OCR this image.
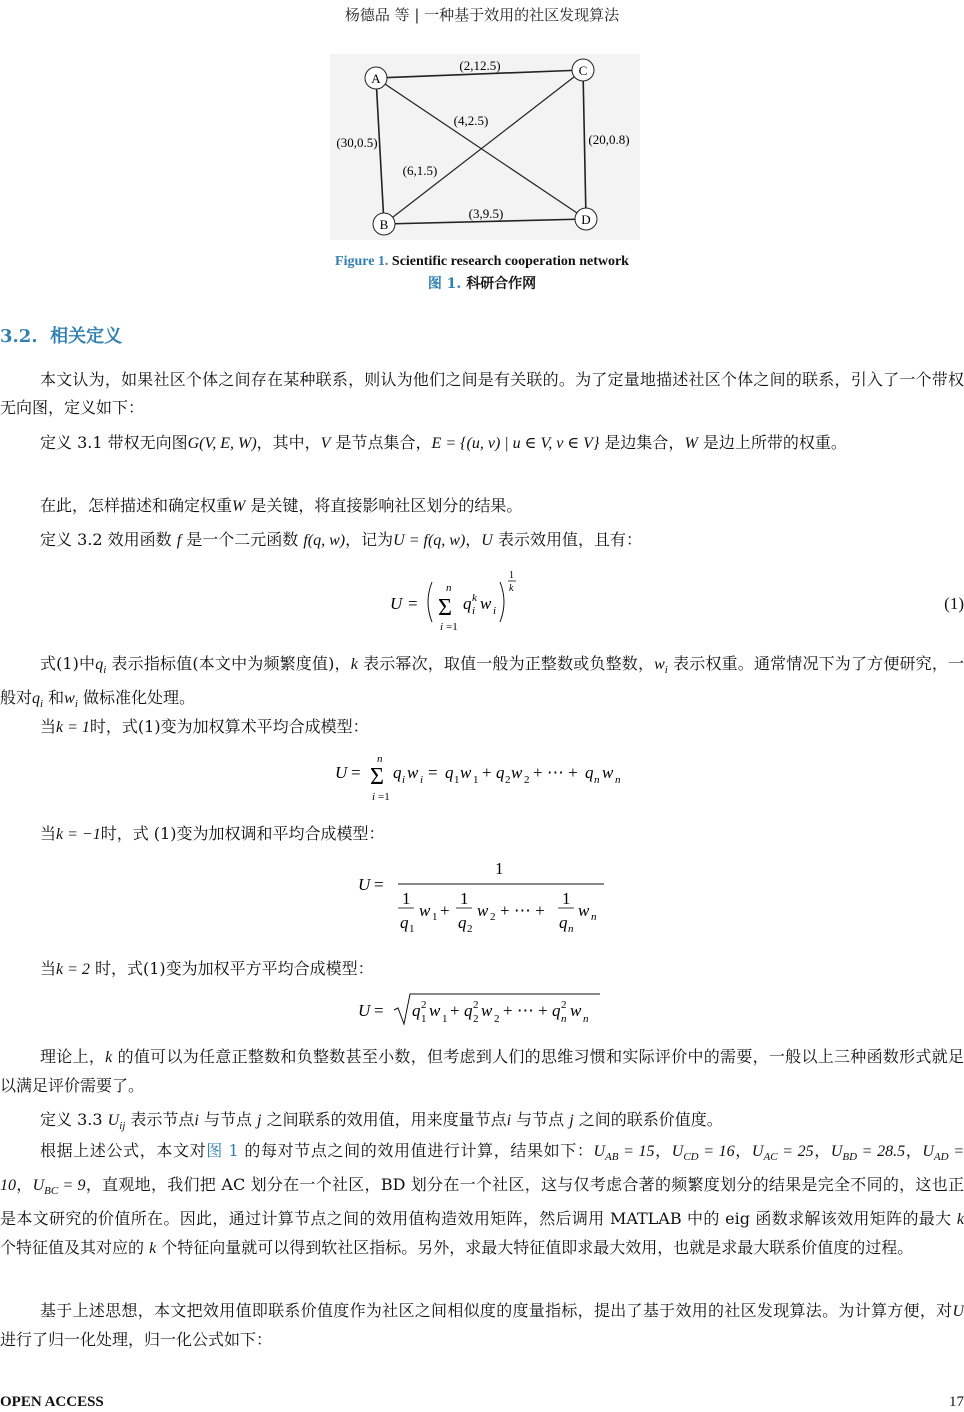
杨德品 等 | 一种基于效用的社区发现算法
A
C
B	D
(2,12.5)
(30,0.5)	(20,0.8)
(4,2.5)
(6,1.5)
(3,9.5)
Figure 1. Scientific research cooperation network
图 1. 科研合作网
3.2. 相关定义
本文认为，如果社区个体之间存在某种联系，则认为他们之间是有关联的。为了定量地描述社区个体之间的联系，引入了一个带权无向图，定义如下：
定义 3.1 带权无向图G(V, E, W)，其中，V 是节点集合，E = {(u, v) | u ∈ V, v ∈ V} 是边集合，W 是边上所带的权重。
在此，怎样描述和确定权重W 是关键，将直接影响社区划分的结果。
定义 3.2 效用函数 f 是一个二元函数 f(q, w)，记为U = f(q, w)，U 表示效用值，且有：
U = Σ
n
i =1
q k
i w i
1
k
(1)
式(1)中$q_i$ 表示指标值(本文中为频繁度值)，k 表示幂次，取值一般为正整数或负整数，$w_i$ 表示权重。通常情况下为了方便研究，一般对$q_i$ 和$w_i$ 做标准化处理。
当k = 1时，式(1)变为加权算术平均合成模型：
U = Σ
n
i =1
q i w i = q 1 w 1 + q 2 w 2 + ⋯ + q n w n
当k = −1时，式 (1)变为加权调和平均合成模型：
U =
1
1
q 1
w 1 +
1
q 2
w 2 + ⋯ +
1
q n
w n
当k = 2 时，式(1)变为加权平方平均合成模型：
U = q 2
1 w 1 + q 2
2 w 2 + ⋯ + q 2
n w n
理论上，k 的值可以为任意正整数和负整数甚至小数，但考虑到人们的思维习惯和实际评价中的需要，一般以上三种函数形式就足以满足评价需要了。
定义 3.3 $U_{ij}$ 表示节点i 与节点 j 之间联系的效用值，用来度量节点i 与节点 j 之间的联系价值度。
根据上述公式，本文对图 1 的每对节点之间的效用值进行计算，结果如下：$U_{AB} = 15$，$U_{CD} = 16$，$U_{AC} = 25$，$U_{BD} = 28.5$，$U_{AD} = 10$，$U_{BC} = 9$，直观地，我们把 AC 划分在一个社区，BD 划分在一个社区，这与仅考虑合著的频繁度划分的结果是完全不同的，这也正是本文研究的价值所在。因此，通过计算节点之间的效用值构造效用矩阵，然后调用 MATLAB 中的 eig 函数求解该效用矩阵的最大 k 个特征值及其对应的 k 个特征向量就可以得到软社区指标。另外，求最大特征值即求最大效用，也就是求最大联系价值度的过程。
基于上述思想，本文把效用值即联系价值度作为社区之间相似度的度量指标，提出了基于效用的社区发现算法。为计算方便，对U 进行了归一化处理，归一化公式如下：
OPEN ACCESS	17
